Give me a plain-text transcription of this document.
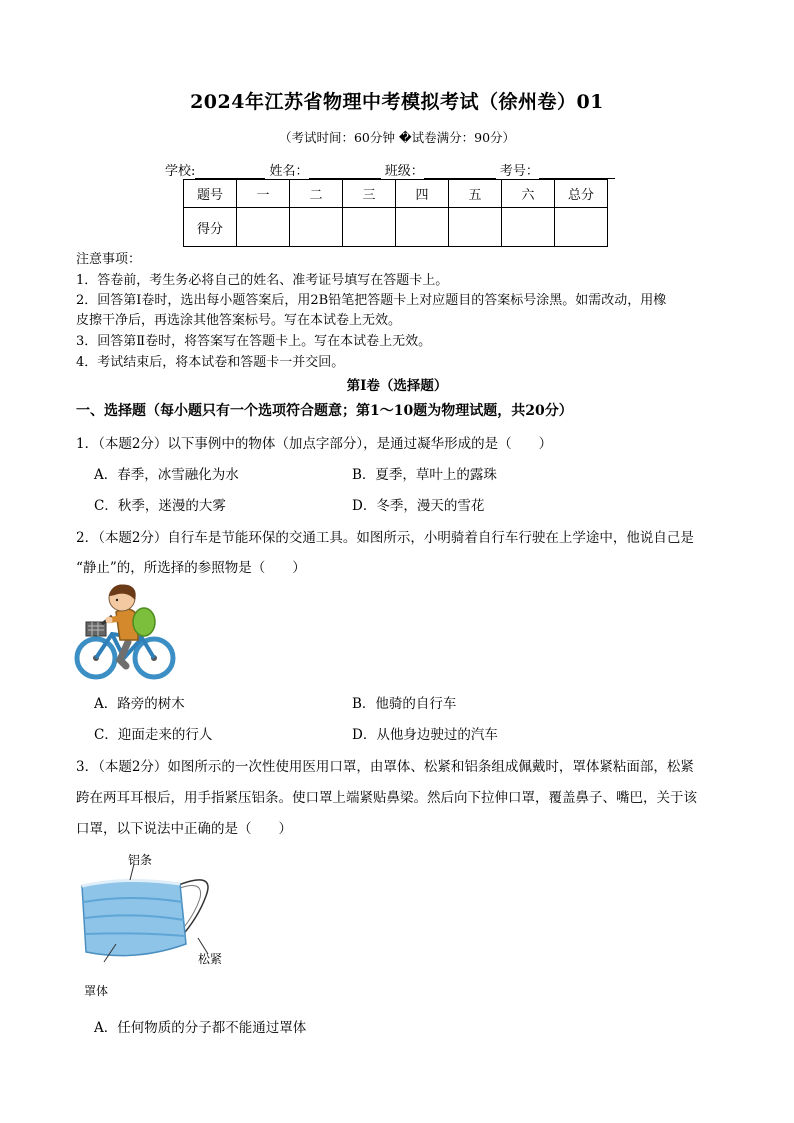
2024年江苏省物理中考模拟考试（徐州卷）01
（考试时间：60分钟 �试卷满分：90分）
学校:	姓名：	班级：	考号：
题号	一	二	三	四	五	六	总分
得分							
注意事项：
1．答卷前，考生务必将自己的姓名、准考证号填写在答题卡上。
2．回答第Ⅰ卷时，选出每小题答案后，用2B铅笔把答题卡上对应题目的答案标号涂黑。如需改动，用橡
皮擦干净后，再选涂其他答案标号。写在本试卷上无效。
3．回答第Ⅱ卷时，将答案写在答题卡上。写在本试卷上无效。
4．考试结束后，将本试卷和答题卡一并交回。
第Ⅰ卷（选择题）
一、选择题（每小题只有一个选项符合题意；第1～10题为物理试题，共20分）
1．（本题2分）以下事例中的物体（加点字部分），是通过凝华形成的是（　　）
A．春季，冰雪融化为水	B．夏季，草叶上的露珠
C．秋季，迷漫的大雾	D．冬季，漫天的雪花
2．（本题2分）自行车是节能环保的交通工具。如图所示，小明骑着自行车行驶在上学途中，他说自己是
“静止”的，所选择的参照物是（　　）
A．路旁的树木	B．他骑的自行车
C．迎面走来的行人	D．从他身边驶过的汽车
3．（本题2分）如图所示的一次性使用医用口罩，由罩体、松紧和铝条组成佩戴时，罩体紧粘面部，松紧
跨在两耳耳根后，用手指紧压铝条。使口罩上端紧贴鼻梁。然后向下拉伸口罩，覆盖鼻子、嘴巴，关于该
口罩，以下说法中正确的是（　　）
铝条
松紧
罩体
A．任何物质的分子都不能通过罩体
